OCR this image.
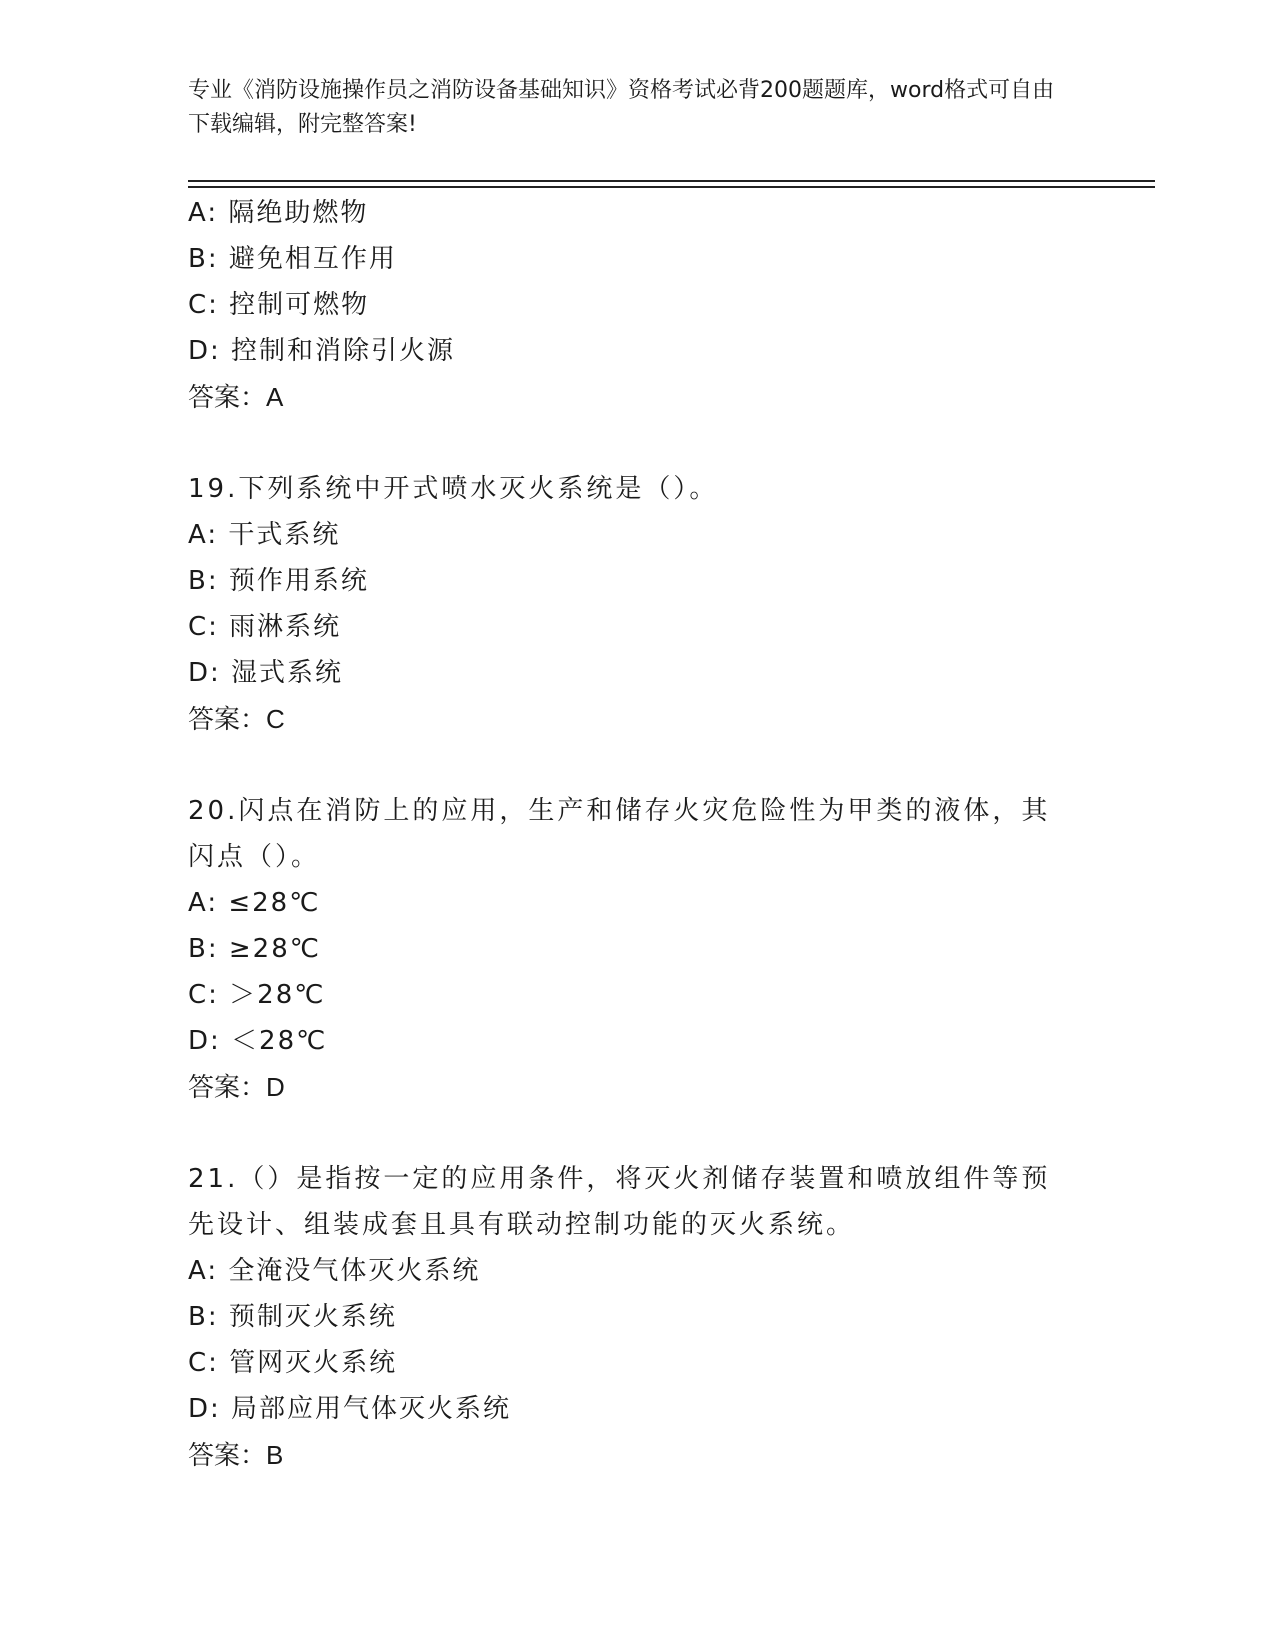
专业《消防设施操作员之消防设备基础知识》资格考试必背200题题库，word格式可自由下载编辑，附完整答案!
A: 隔绝助燃物
B: 避免相互作用
C: 控制可燃物
D: 控制和消除引火源
答案：A
19.下列系统中开式喷水灭火系统是（）。
A: 干式系统
B: 预作用系统
C: 雨淋系统
D: 湿式系统
答案：C
20.闪点在消防上的应用，生产和储存火灾危险性为甲类的液体，其闪点（）。
A: ≤28℃
B: ≥28℃
C: ＞28℃
D: ＜28℃
答案：D
21.（）是指按一定的应用条件，将灭火剂储存装置和喷放组件等预先设计、组装成套且具有联动控制功能的灭火系统。
A: 全淹没气体灭火系统
B: 预制灭火系统
C: 管网灭火系统
D: 局部应用气体灭火系统
答案：B
